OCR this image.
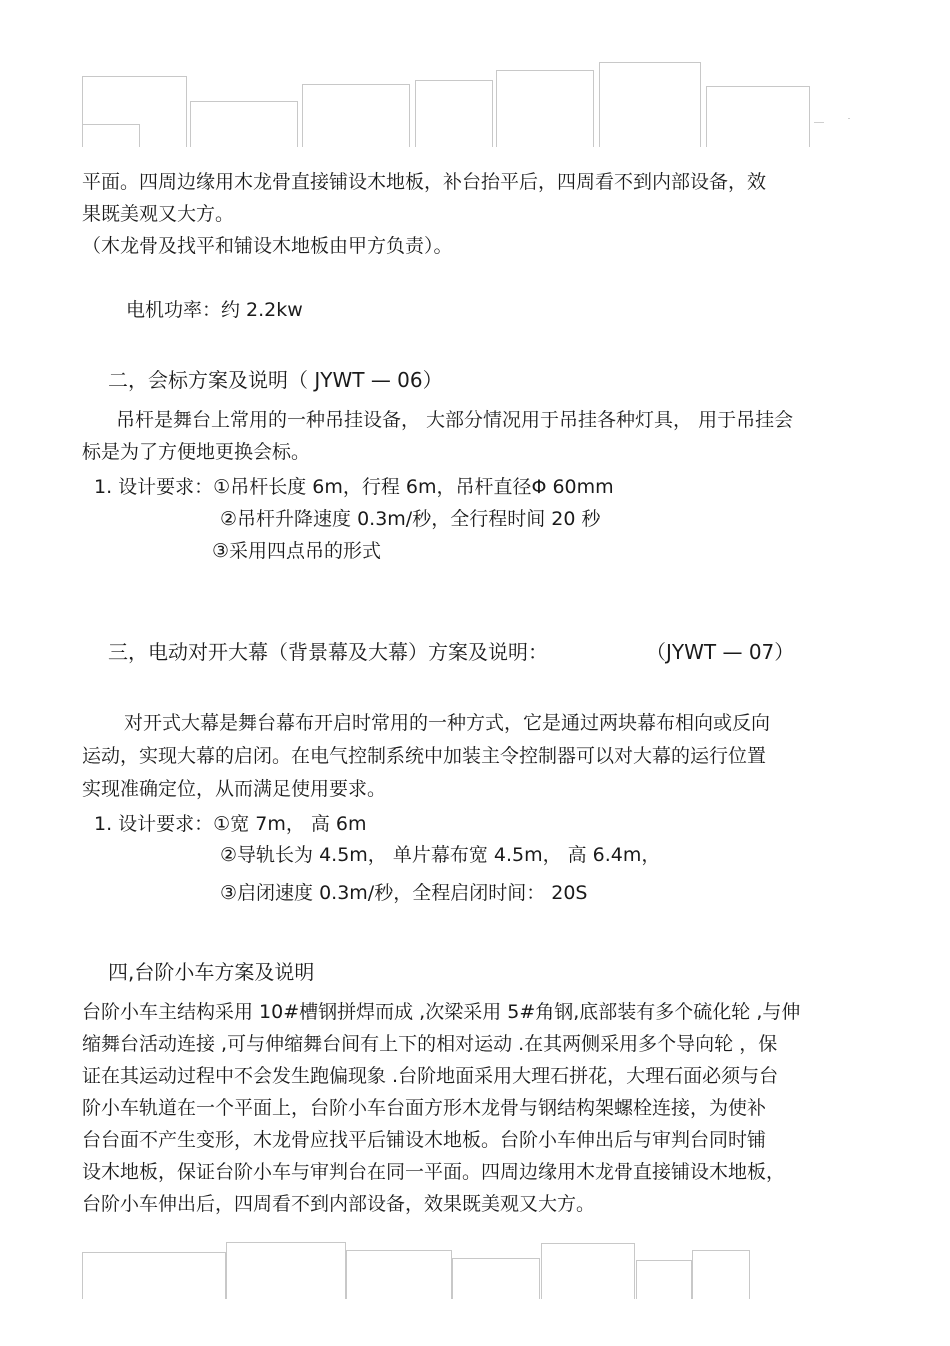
平面。四周边缘用木龙骨直接铺设木地板，补台抬平后，四周看不到内部设备，效
果既美观又大方。
（木龙骨及找平和铺设木地板由甲方负责）。
电机功率：约 2.2kw
二，会标方案及说明（ JYWT — 06）
吊杆是舞台上常用的一种吊挂设备， 大部分情况用于吊挂各种灯具， 用于吊挂会
标是为了方便地更换会标。
1. 设计要求：①吊杆长度 6m，行程 6m，吊杆直径Φ 60mm
②吊杆升降速度 0.3m/秒，全行程时间 20 秒
③采用四点吊的形式
三，电动对开大幕（背景幕及大幕）方案及说明：	（JYWT — 07）
对开式大幕是舞台幕布开启时常用的一种方式，它是通过两块幕布相向或反向
运动，实现大幕的启闭。在电气控制系统中加装主令控制器可以对大幕的运行位置
实现准确定位，从而满足使用要求。
1. 设计要求：①宽 7m， 高 6m
②导轨长为 4.5m， 单片幕布宽 4.5m， 高 6.4m，
③启闭速度 0.3m/秒，全程启闭时间： 20S
四,台阶小车方案及说明
台阶小车主结构采用 10#槽钢拼焊而成 ,次梁采用 5#角钢,底部装有多个硫化轮 ,与伸
缩舞台活动连接 ,可与伸缩舞台间有上下的相对运动 .在其两侧采用多个导向轮 ，保
证在其运动过程中不会发生跑偏现象 .台阶地面采用大理石拼花，大理石面必须与台
阶小车轨道在一个平面上，台阶小车台面方形木龙骨与钢结构架螺栓连接，为使补
台台面不产生变形，木龙骨应找平后铺设木地板。台阶小车伸出后与审判台同时铺
设木地板，保证台阶小车与审判台在同一平面。四周边缘用木龙骨直接铺设木地板，
台阶小车伸出后，四周看不到内部设备，效果既美观又大方。
